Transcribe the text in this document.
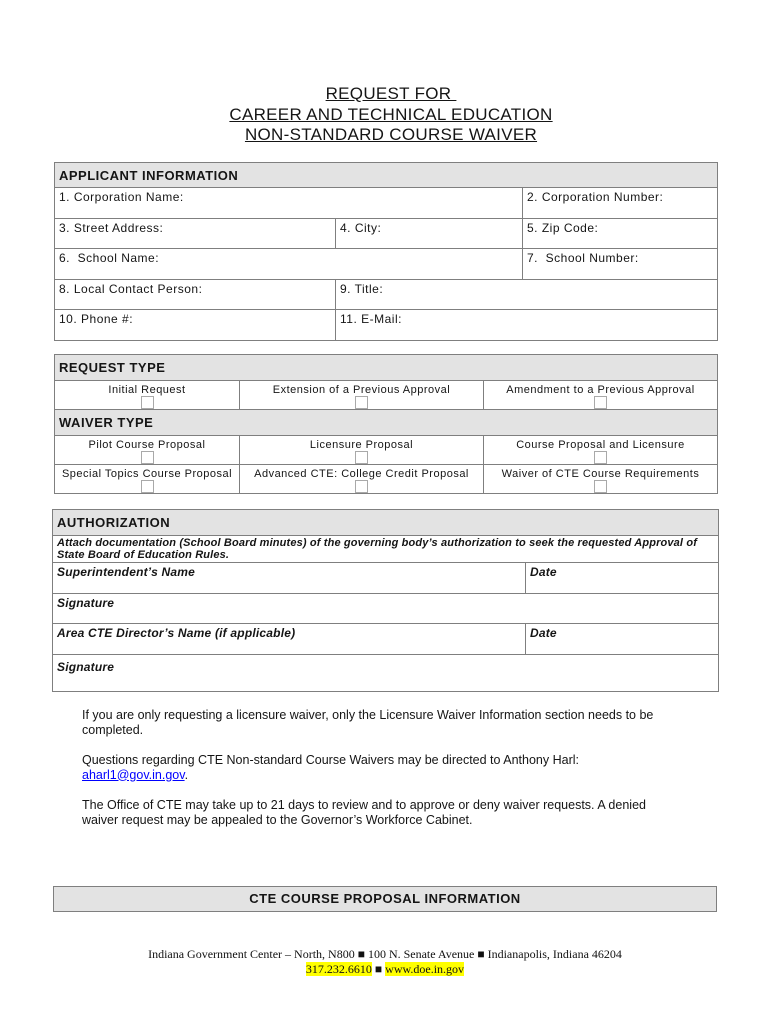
REQUEST FOR
CAREER AND TECHNICAL EDUCATION
NON-STANDARD COURSE WAIVER
APPLICANT INFORMATION		

1. Corporation Name:		2. Corporation Number:

3. Street Address:	4. City:	5. Zip Code:

6.  School Name:		7.  School Number:

8. Local Contact Person:	9. Title:	

10. Phone #:	11. E-Mail:	
REQUEST TYPE		

Initial Request	Extension of a Previous Approval	Amendment to a Previous Approval

WAIVER TYPE		

Pilot Course Proposal	Licensure Proposal	Course Proposal and Licensure

Special Topics Course Proposal	Advanced CTE: College Credit Proposal	Waiver of CTE Course Requirements
AUTHORIZATION	

Attach documentation (School Board minutes) of the governing body’s authorization to seek the requested Approval of State Board of Education Rules.	

Superintendent’s Name	Date

Signature	

Area CTE Director’s Name (if applicable)	Date

Signature	

If you are only requesting a licensure waiver, only the Licensure Waiver Information section needs to be completed.

Questions regarding CTE Non-standard Course Waivers may be directed to Anthony Harl: aharl1@gov.in.gov.

The Office of CTE may take up to 21 days to review and to approve or deny waiver requests. A denied waiver request may be appealed to the Governor’s Workforce Cabinet.

CTE COURSE PROPOSAL INFORMATION
Indiana Government Center – North, N800 ■ 100 N. Senate Avenue ■ Indianapolis, Indiana 46204
317.232.6610 ■ www.doe.in.gov
